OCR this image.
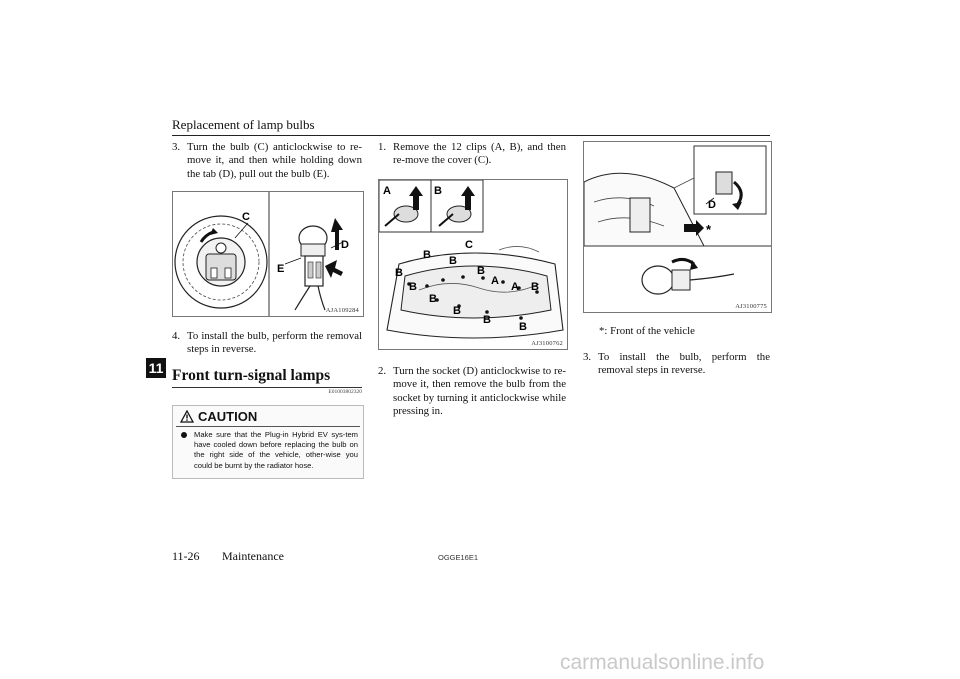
Replacement of lamp bulbs
11
3. Turn the bulb (C) anticlockwise to re-move it, and then while holding down the tab (D), pull out the bulb (E).
C
D
E
AJA109284
4. To install the bulb, perform the removal steps in reverse.
Front turn-signal lamps
E01003802320
CAUTION
Make sure that the Plug-in Hybrid EV sys-tem have cooled down before replacing the bulb on the right side of the vehicle, other-wise you could be burnt by the radiator hose.
1. Remove the 12 clips (A, B), and then re-move the cover (C).
A	B
C
B
B B
B
A A B
B
B
B
B
B
AJ3100762
2. Turn the socket (D) anticlockwise to re-move it, then remove the bulb from the socket by turning it anticlockwise while pressing in.
D
*
AJ3100775
*: Front of the vehicle
3. To install the bulb, perform the removal steps in reverse.
11-26 Maintenance	OGGE16E1
carmanualsonline.info
